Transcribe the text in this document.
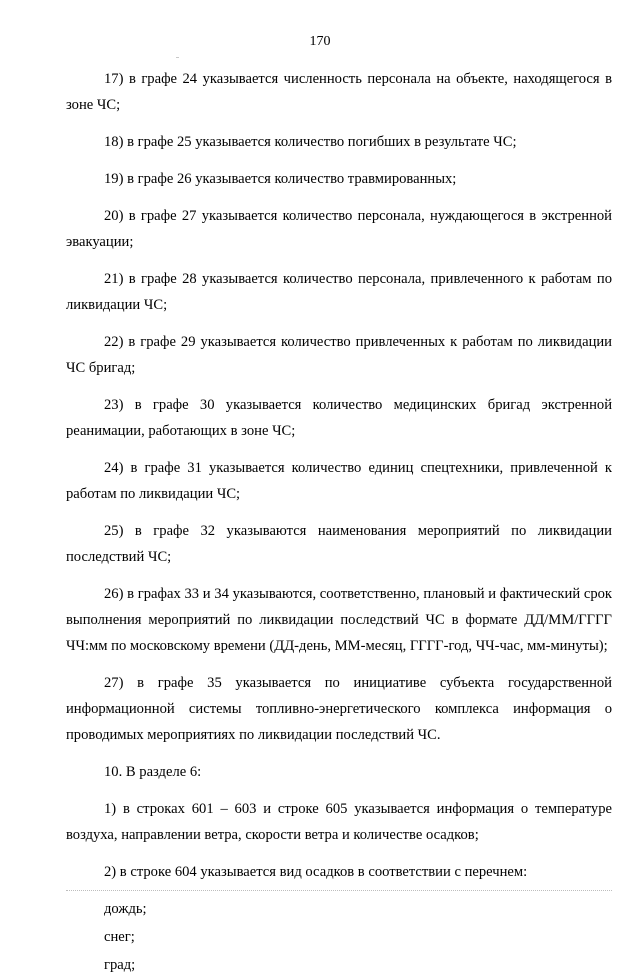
170

17) в графе 24 указывается численность персонала на объекте, находящегося в зоне ЧС;

18) в графе 25 указывается количество погибших в результате ЧС;

19) в графе 26 указывается количество травмированных;

20) в графе 27 указывается количество персонала, нуждающегося в экстренной эвакуации;

21) в графе 28 указывается количество персонала, привлеченного к работам по ликвидации ЧС;

22) в графе 29 указывается количество привлеченных к работам по ликвидации ЧС бригад;

23) в графе 30 указывается количество медицинских бригад экстренной реанимации, работающих в зоне ЧС;

24) в графе 31 указывается количество единиц спецтехники, привлеченной к работам по ликвидации ЧС;

25) в графе 32 указываются наименования мероприятий по ликвидации последствий ЧС;

26) в графах 33 и 34 указываются, соответственно, плановый и фактический срок выполнения мероприятий по ликвидации последствий ЧС в формате ДД/ММ/ГГГГ ЧЧ:мм по московскому времени (ДД-день, ММ-месяц, ГГГГ-год, ЧЧ-час, мм-минуты);

27) в графе 35 указывается по инициативе субъекта государственной информационной системы топливно-энергетического комплекса информация о проводимых мероприятиях по ликвидации последствий ЧС.

10. В разделе 6:

1) в строках 601 – 603 и строке 605 указывается информация о температуре воздуха, направлении ветра, скорости ветра и количестве осадков;

2) в строке 604 указывается вид осадков в соответствии с перечнем:

дождь;

снег;

град;
